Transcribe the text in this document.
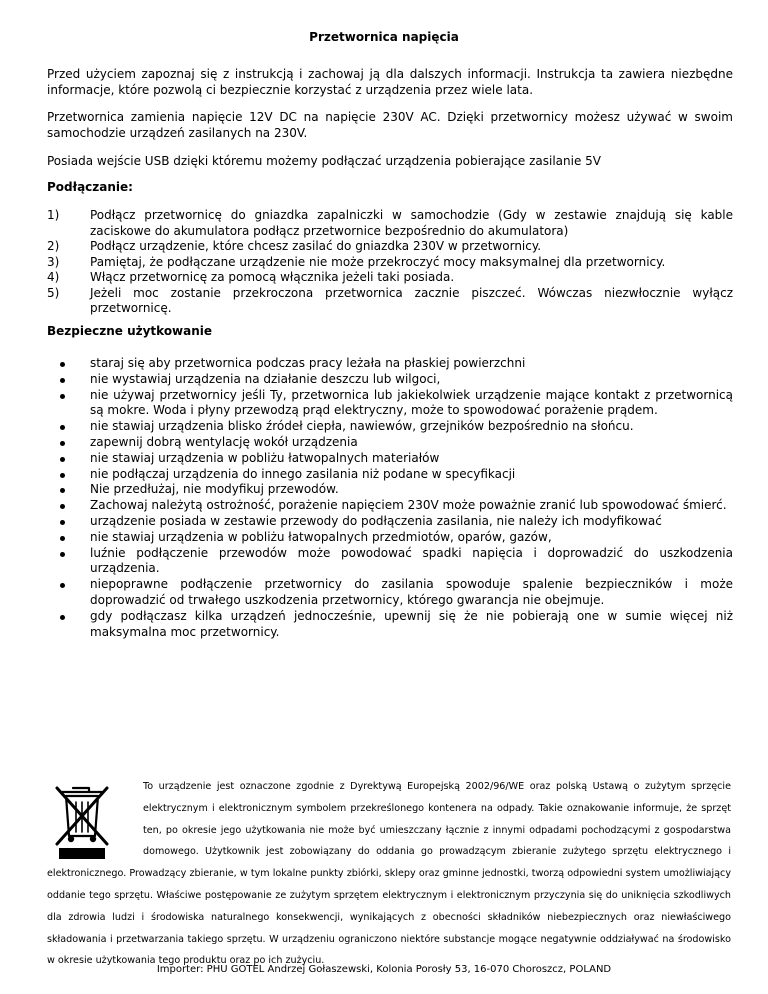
Przetwornica napięcia
Przed użyciem zapoznaj się z instrukcją i zachowaj ją dla dalszych informacji. Instrukcja ta zawiera niezbędne informacje, które pozwolą ci bezpiecznie korzystać z urządzenia przez wiele lata.
Przetwornica zamienia napięcie 12V DC na napięcie 230V AC. Dzięki przetwornicy możesz używać w swoim samochodzie urządzeń zasilanych na 230V.
Posiada wejście USB dzięki któremu możemy podłączać urządzenia pobierające zasilanie 5V
Podłączanie:
1)	Podłącz przetwornicę do gniazdka zapalniczki w samochodzie (Gdy w zestawie znajdują się kable zaciskowe do akumulatora podłącz przetwornice bezpośrednio do akumulatora)
2)	Podłącz urządzenie, które chcesz zasilać do gniazdka 230V w przetwornicy.
3)	Pamiętaj, że podłączane urządzenie nie może przekroczyć mocy maksymalnej dla przetwornicy.
4)	Włącz przetwornicę za pomocą włącznika jeżeli taki posiada.
5)	Jeżeli moc zostanie przekroczona przetwornica zacznie piszczeć. Wówczas niezwłocznie wyłącz przetwornicę.
Bezpieczne użytkowanie
staraj się aby przetwornica podczas pracy leżała na płaskiej powierzchni
nie wystawiaj urządzenia na działanie deszczu lub wilgoci,
nie używaj przetwornicy jeśli Ty, przetwornica lub jakiekolwiek urządzenie mające kontakt z przetwornicą są mokre. Woda i płyny przewodzą prąd elektryczny, może to spowodować porażenie prądem.
nie stawiaj urządzenia blisko źródeł ciepła, nawiewów, grzejników bezpośrednio na słońcu.
zapewnij dobrą wentylację wokół urządzenia
nie stawiaj urządzenia w pobliżu łatwopalnych materiałów
nie podłączaj urządzenia do innego zasilania niż podane w specyfikacji
Nie przedłużaj, nie modyfikuj przewodów.
Zachowaj należytą ostrożność, porażenie napięciem 230V może poważnie zranić lub spowodować śmierć.
urządzenie posiada w zestawie przewody do podłączenia zasilania, nie należy ich modyfikować
nie stawiaj urządzenia w pobliżu łatwopalnych przedmiotów, oparów, gazów,
luźnie podłączenie przewodów może powodować spadki napięcia i doprowadzić do uszkodzenia urządzenia.
niepoprawne podłączenie przetwornicy do zasilania spowoduje spalenie bezpieczników i może doprowadzić od trwałego uszkodzenia przetwornicy, którego gwarancja nie obejmuje.
gdy podłączasz kilka urządzeń jednocześnie, upewnij się że nie pobierają one w sumie więcej niż maksymalna moc przetwornicy.
To urządzenie jest oznaczone zgodnie z Dyrektywą Europejską 2002/96/WE oraz polską Ustawą o zużytym sprzęcie elektrycznym i elektronicznym symbolem przekreślonego kontenera na odpady. Takie oznakowanie informuje, że sprzęt ten, po okresie jego użytkowania nie może być umieszczany łącznie z innymi odpadami pochodzącymi z gospodarstwa domowego. Użytkownik jest zobowiązany do oddania go prowadzącym zbieranie zużytego sprzętu elektrycznego i elektronicznego. Prowadzący zbieranie, w tym lokalne punkty zbiórki, sklepy oraz gminne jednostki, tworzą odpowiedni system umożliwiający oddanie tego sprzętu. Właściwe postępowanie ze zużytym sprzętem elektrycznym i elektronicznym przyczynia się do uniknięcia szkodliwych dla zdrowia ludzi i środowiska naturalnego konsekwencji, wynikających z obecności składników niebezpiecznych oraz niewłaściwego składowania i przetwarzania takiego sprzętu. W urządzeniu ograniczono niektóre substancje mogące negatywnie oddziaływać na środowisko w okresie użytkowania tego produktu oraz po ich zużyciu.
Importer: PHU GOTEL Andrzej Gołaszewski, Kolonia Porosły 53, 16-070 Choroszcz, POLAND
